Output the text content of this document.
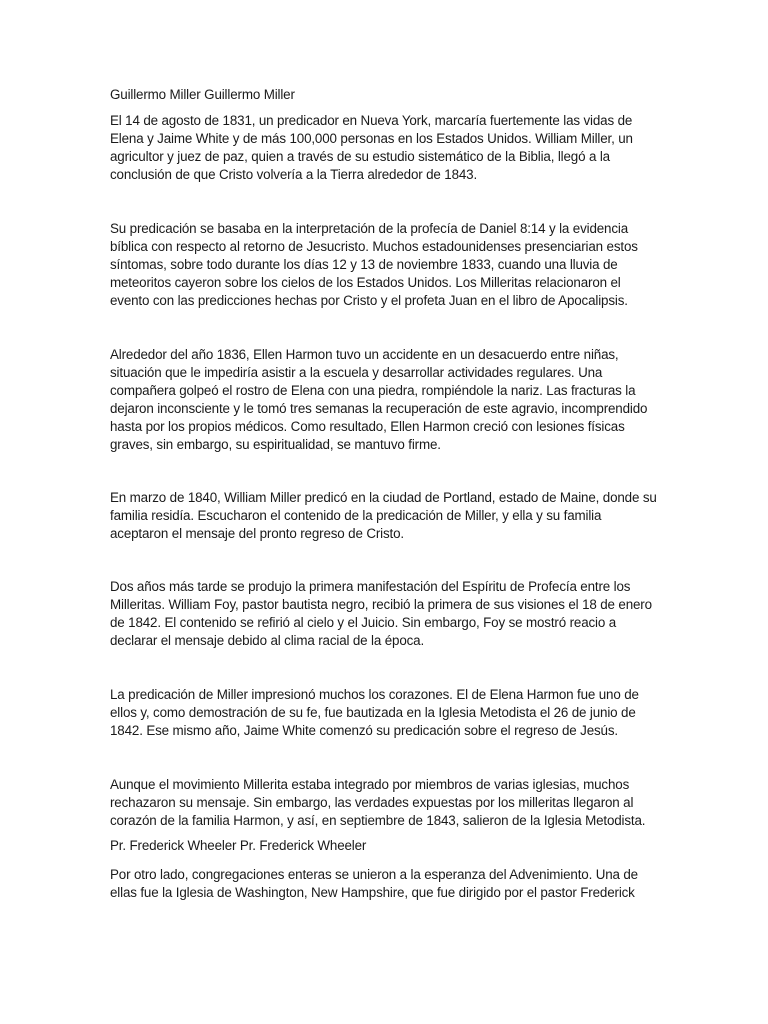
Guillermo Miller Guillermo Miller

El 14 de agosto de 1831, un predicador en Nueva York, marcaría fuertemente las vidas de Elena y Jaime White y de más 100,000 personas en los Estados Unidos. William Miller, un agricultor y juez de paz, quien a través de su estudio sistemático de la Biblia, llegó a la conclusión de que Cristo volvería a la Tierra alrededor de 1843.

Su predicación se basaba en la interpretación de la profecía de Daniel 8:14 y la evidencia bíblica con respecto al retorno de Jesucristo. Muchos estadounidenses presenciarian estos síntomas, sobre todo durante los días 12 y 13 de noviembre 1833, cuando una lluvia de meteoritos cayeron sobre los cielos de los Estados Unidos. Los Milleritas relacionaron el evento con las predicciones hechas por Cristo y el profeta Juan en el libro de Apocalipsis.

Alrededor del año 1836, Ellen Harmon tuvo un accidente en un desacuerdo entre niñas, situación que le impediría asistir a la escuela y desarrollar actividades regulares. Una compañera golpeó el rostro de Elena con una piedra, rompiéndole la nariz. Las fracturas la dejaron inconsciente y le tomó tres semanas la recuperación de este agravio, incomprendido hasta por los propios médicos. Como resultado, Ellen Harmon creció con lesiones físicas graves, sin embargo, su espiritualidad, se mantuvo firme.

En marzo de 1840, William Miller predicó en la ciudad de Portland, estado de Maine, donde su familia residía. Escucharon el contenido de la predicación de Miller, y ella y su familia aceptaron el mensaje del pronto regreso de Cristo.

Dos años más tarde se produjo la primera manifestación del Espíritu de Profecía entre los Milleritas. William Foy, pastor bautista negro, recibió la primera de sus visiones el 18 de enero de 1842. El contenido se refirió al cielo y el Juicio. Sin embargo, Foy se mostró reacio a declarar el mensaje debido al clima racial de la época.

La predicación de Miller impresionó muchos los corazones. El de Elena Harmon fue uno de ellos y, como demostración de su fe, fue bautizada en la Iglesia Metodista el 26 de junio de 1842. Ese mismo año, Jaime White comenzó su predicación sobre el regreso de Jesús.

Aunque el movimiento Millerita estaba integrado por miembros de varias iglesias, muchos rechazaron su mensaje. Sin embargo, las verdades expuestas por los milleritas llegaron al corazón de la familia Harmon, y así, en septiembre de 1843, salieron de la Iglesia Metodista.

Pr. Frederick Wheeler Pr. Frederick Wheeler

Por otro lado, congregaciones enteras se unieron a la esperanza del Advenimiento. Una de ellas fue la Iglesia de Washington, New Hampshire, que fue dirigido por el pastor Frederick
